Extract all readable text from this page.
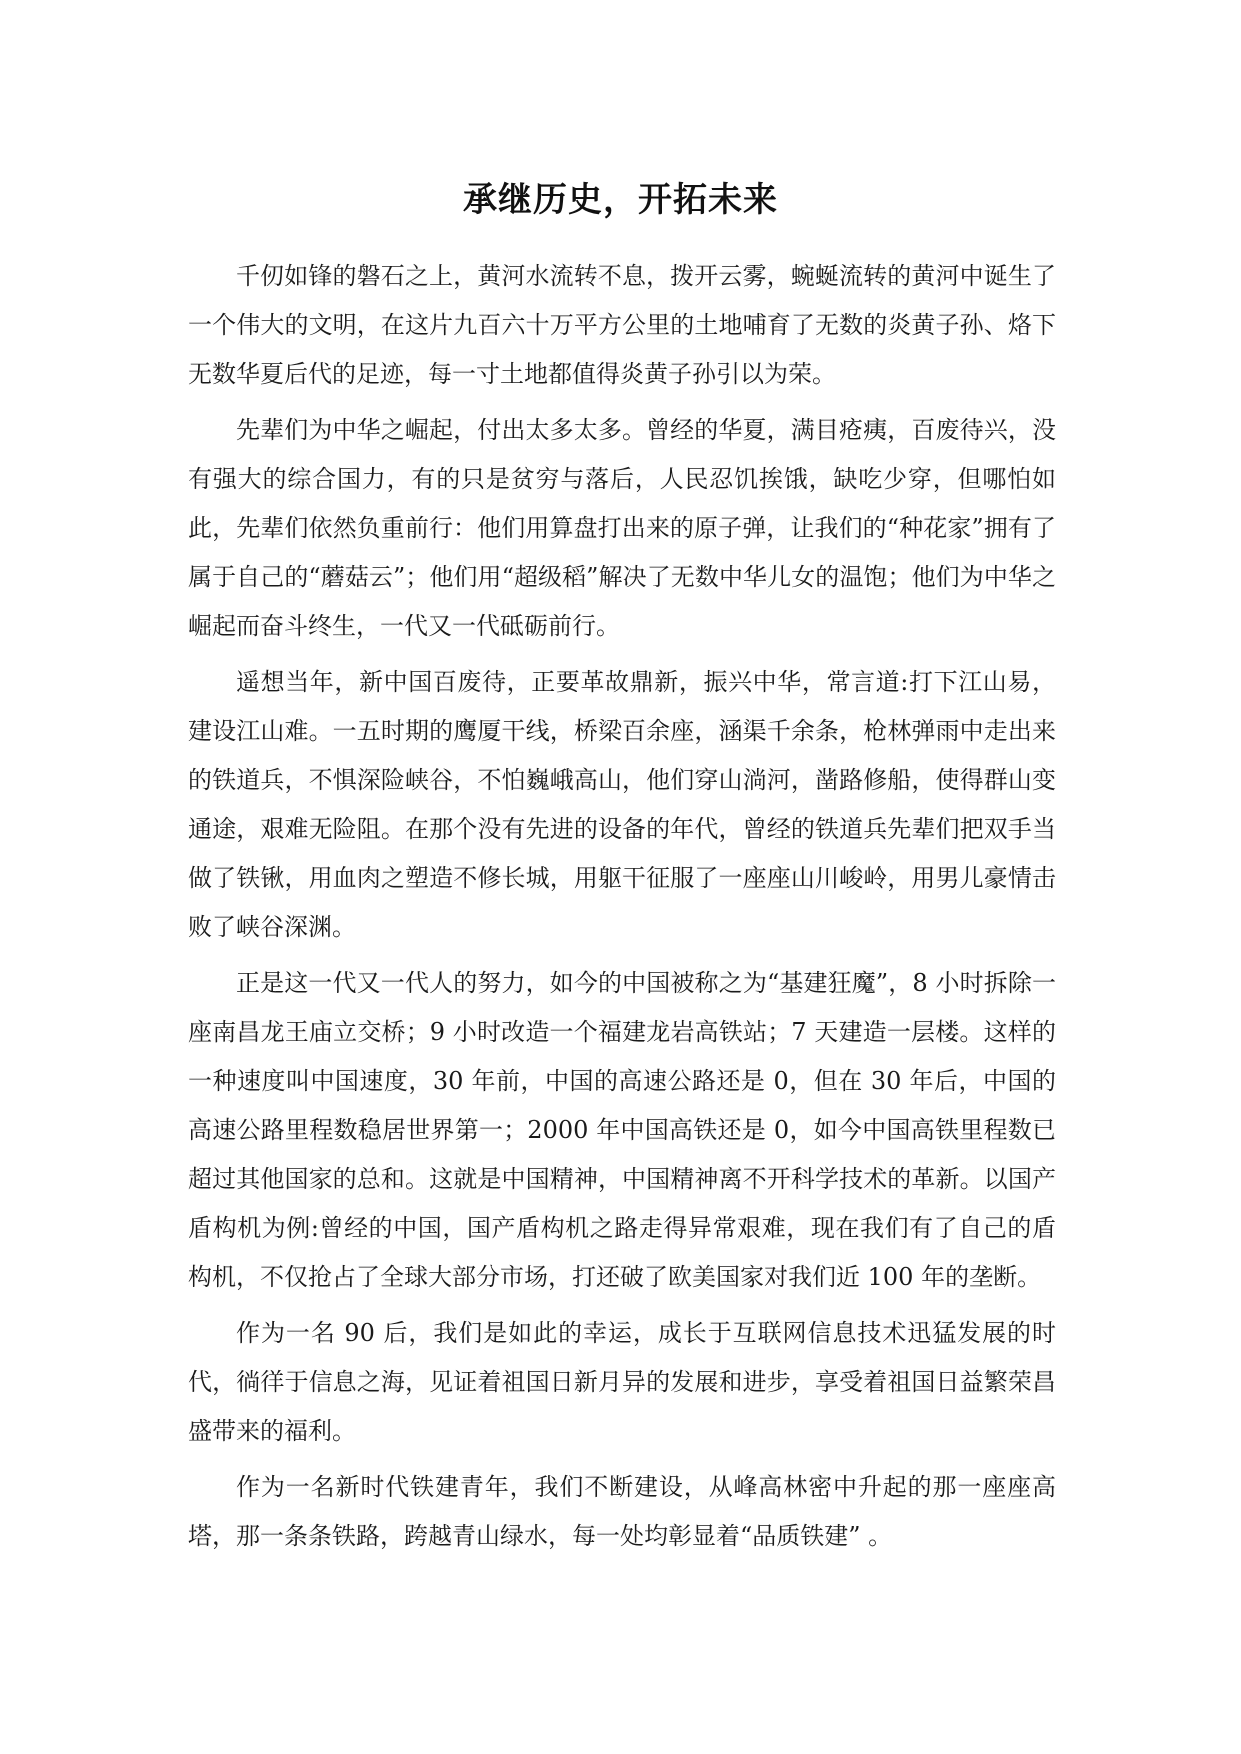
承继历史，开拓未来

千仞如锋的磐石之上，黄河水流转不息，拨开云雾，蜿蜒流转的黄河中诞生了一个伟大的文明，在这片九百六十万平方公里的土地哺育了无数的炎黄子孙、烙下无数华夏后代的足迹，每一寸土地都值得炎黄子孙引以为荣。

先辈们为中华之崛起，付出太多太多。曾经的华夏，满目疮痍，百废待兴，没有强大的综合国力，有的只是贫穷与落后，人民忍饥挨饿，缺吃少穿，但哪怕如此，先辈们依然负重前行：他们用算盘打出来的原子弹，让我们的“种花家”拥有了属于自己的“蘑菇云”；他们用“超级稻”解决了无数中华儿女的温饱；他们为中华之崛起而奋斗终生，一代又一代砥砺前行。

遥想当年，新中国百废待，正要革故鼎新，振兴中华，常言道:打下江山易，建设江山难。一五时期的鹰厦干线，桥梁百余座，涵渠千余条，枪林弹雨中走出来的铁道兵，不惧深险峡谷，不怕巍峨高山，他们穿山淌河，凿路修船，使得群山变通途，艰难无险阻。在那个没有先进的设备的年代，曾经的铁道兵先辈们把双手当做了铁锹，用血肉之塑造不修长城，用躯干征服了一座座山川峻岭，用男儿豪情击败了峡谷深渊。

正是这一代又一代人的努力，如今的中国被称之为“基建狂魔”，8 小时拆除一座南昌龙王庙立交桥；9 小时改造一个福建龙岩高铁站；7 天建造一层楼。这样的一种速度叫中国速度，30 年前，中国的高速公路还是 0，但在 30 年后，中国的高速公路里程数稳居世界第一；2000 年中国高铁还是 0，如今中国高铁里程数已超过其他国家的总和。这就是中国精神，中国精神离不开科学技术的革新。以国产盾构机为例:曾经的中国，国产盾构机之路走得异常艰难，现在我们有了自己的盾构机，不仅抢占了全球大部分市场，打还破了欧美国家对我们近 100 年的垄断。

作为一名 90 后，我们是如此的幸运，成长于互联网信息技术迅猛发展的时代，徜徉于信息之海，见证着祖国日新月异的发展和进步，享受着祖国日益繁荣昌盛带来的福利。

作为一名新时代铁建青年，我们不断建设，从峰高林密中升起的那一座座高塔，那一条条铁路，跨越青山绿水，每一处均彰显着“品质铁建” 。
